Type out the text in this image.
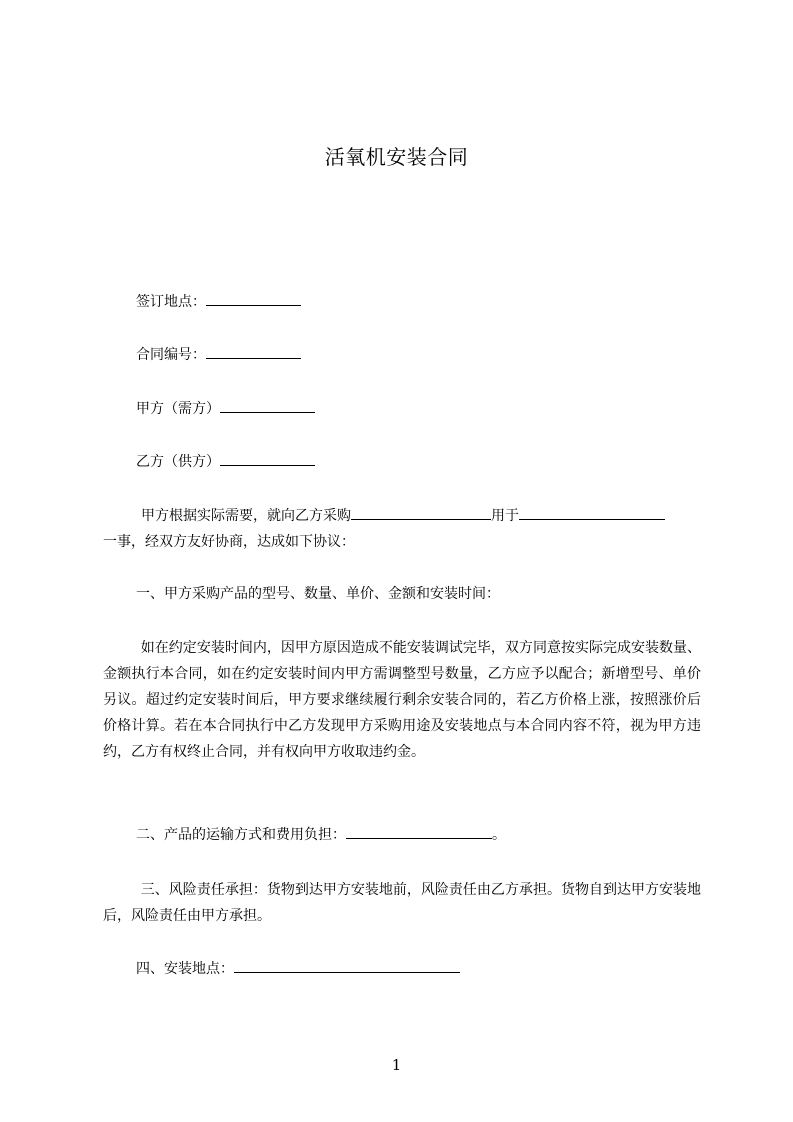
活氧机安装合同
签订地点：
合同编号：
甲方（需方）
乙方（供方）
甲方根据实际需要，就向乙方采购	用于
一事，经双方友好协商，达成如下协议：
一、甲方采购产品的型号、数量、单价、金额和安装时间：
如在约定安装时间内，因甲方原因造成不能安装调试完毕，双方同意按实际完成安装数量、金额执行本合同，如在约定安装时间内甲方需调整型号数量，乙方应予以配合；新增型号、单价另议。超过约定安装时间后，甲方要求继续履行剩余安装合同的，若乙方价格上涨，按照涨价后价格计算。若在本合同执行中乙方发现甲方采购用途及安装地点与本合同内容不符，视为甲方违约，乙方有权终止合同，并有权向甲方收取违约金。
二、产品的运输方式和费用负担：	。
三、风险责任承担：货物到达甲方安装地前，风险责任由乙方承担。货物自到达甲方安装地后，风险责任由甲方承担。
四、安装地点：
1
